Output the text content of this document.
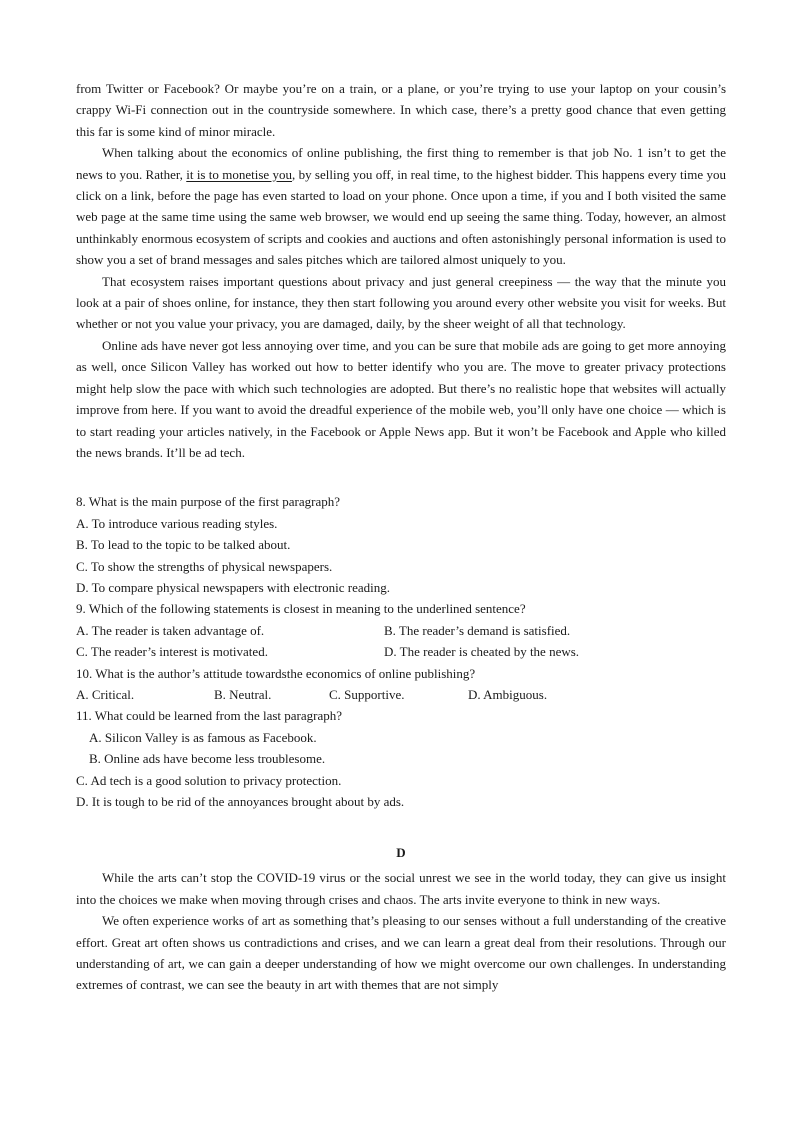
from Twitter or Facebook? Or maybe you’re on a train, or a plane, or you’re trying to use your laptop on your cousin’s crappy Wi-Fi connection out in the countryside somewhere. In which case, there’s a pretty good chance that even getting this far is some kind of minor miracle.

When talking about the economics of online publishing, the first thing to remember is that job No. 1 isn’t to get the news to you. Rather, it is to monetise you, by selling you off, in real time, to the highest bidder. This happens every time you click on a link, before the page has even started to load on your phone. Once upon a time, if you and I both visited the same web page at the same time using the same web browser, we would end up seeing the same thing. Today, however, an almost unthinkably enormous ecosystem of scripts and cookies and auctions and often astonishingly personal information is used to show you a set of brand messages and sales pitches which are tailored almost uniquely to you.

That ecosystem raises important questions about privacy and just general creepiness — the way that the minute you look at a pair of shoes online, for instance, they then start following you around every other website you visit for weeks. But whether or not you value your privacy, you are damaged, daily, by the sheer weight of all that technology.

Online ads have never got less annoying over time, and you can be sure that mobile ads are going to get more annoying as well, once Silicon Valley has worked out how to better identify who you are. The move to greater privacy protections might help slow the pace with which such technologies are adopted. But there’s no realistic hope that websites will actually improve from here. If you want to avoid the dreadful experience of the mobile web, you’ll only have one choice — which is to start reading your articles natively, in the Facebook or Apple News app. But it won’t be Facebook and Apple who killed the news brands. It’ll be ad tech.

8. What is the main purpose of the first paragraph?
A. To introduce various reading styles.
B. To lead to the topic to be talked about.
C. To show the strengths of physical newspapers.
D. To compare physical newspapers with electronic reading.
9. Which of the following statements is closest in meaning to the underlined sentence?
A. The reader is taken advantage of.	B. The reader’s demand is satisfied.
C. The reader’s interest is motivated.	D. The reader is cheated by the news.
10. What is the author’s attitude towardsthe economics of online publishing?
A. Critical.	B. Neutral.	C. Supportive.	D. Ambiguous.
11. What could be learned from the last paragraph?
A. Silicon Valley is as famous as Facebook.
B. Online ads have become less troublesome.
C. Ad tech is a good solution to privacy protection.
D. It is tough to be rid of the annoyances brought about by ads.
D

While the arts can’t stop the COVID-19 virus or the social unrest we see in the world today, they can give us insight into the choices we make when moving through crises and chaos. The arts invite everyone to think in new ways.

We often experience works of art as something that’s pleasing to our senses without a full understanding of the creative effort. Great art often shows us contradictions and crises, and we can learn a great deal from their resolutions. Through our understanding of art, we can gain a deeper understanding of how we might overcome our own challenges. In understanding extremes of contrast, we can see the beauty in art with themes that are not simply
